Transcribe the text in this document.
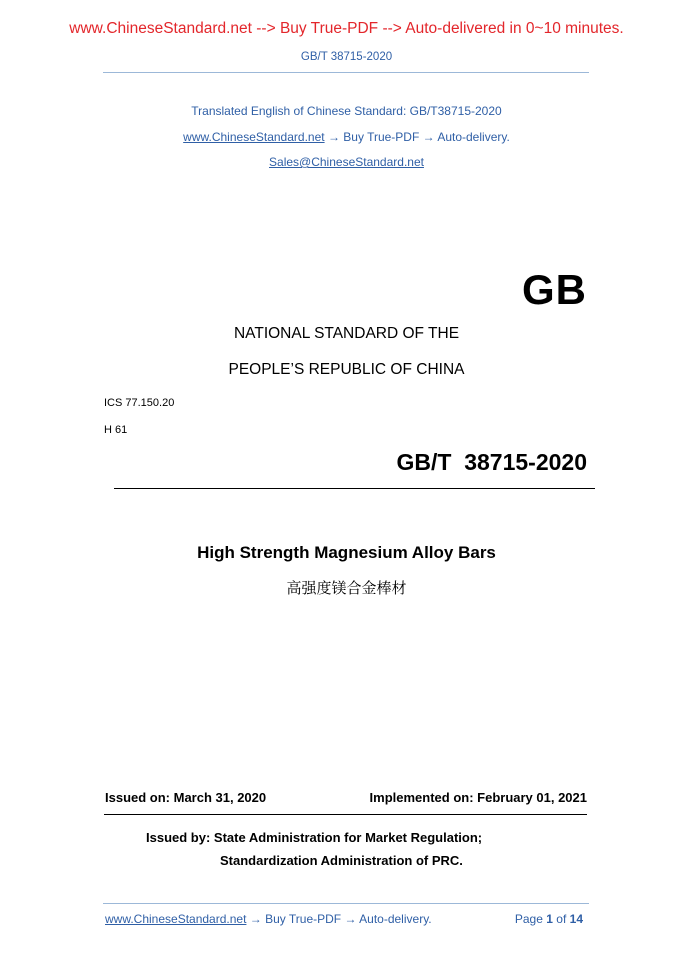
www.ChineseStandard.net --> Buy True-PDF --> Auto-delivered in 0~10 minutes.
GB/T 38715-2020
Translated English of Chinese Standard: GB/T38715-2020
www.ChineseStandard.net → Buy True-PDF → Auto-delivery.
Sales@ChineseStandard.net
GB
NATIONAL STANDARD OF THE
PEOPLE’S REPUBLIC OF CHINA
ICS 77.150.20
H 61
GB/T  38715-2020
High Strength Magnesium Alloy Bars
高强度镁合金棒材
Issued on: March 31, 2020	Implemented on: February 01, 2021
Issued by: State Administration for Market Regulation;
Standardization Administration of PRC.
www.ChineseStandard.net → Buy True-PDF → Auto-delivery.	Page 1 of 14
